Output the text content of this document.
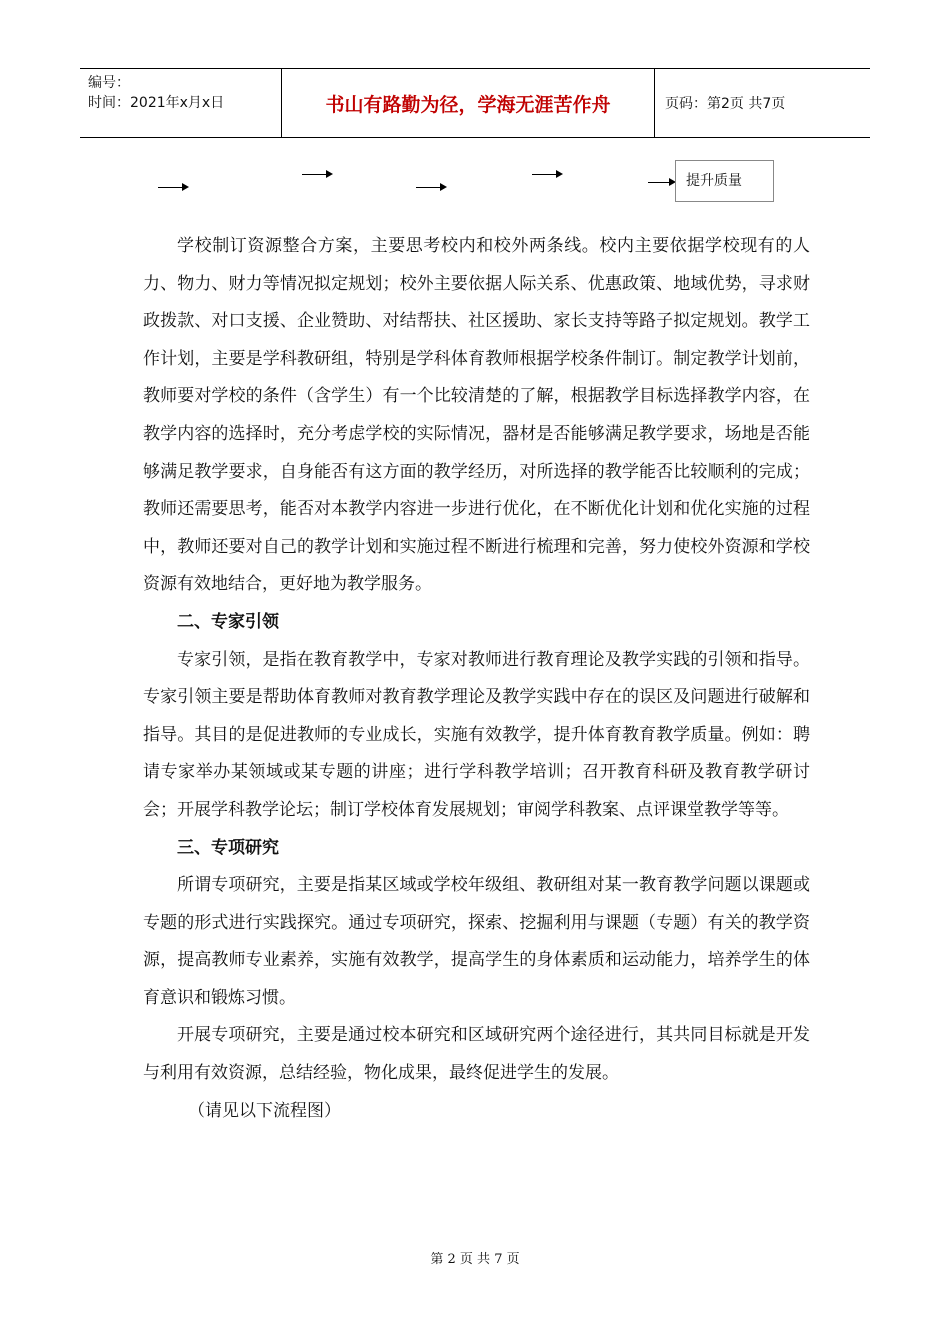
编号：
时间：2021年x月x日	书山有路勤为径，学海无涯苦作舟	页码：第2页 共7页
提升质量

学校制订资源整合方案，主要思考校内和校外两条线。校内主要依据学校现有的人力、物力、财力等情况拟定规划；校外主要依据人际关系、优惠政策、地域优势，寻求财政拨款、对口支援、企业赞助、对结帮扶、社区援助、家长支持等路子拟定规划。教学工作计划，主要是学科教研组，特别是学科体育教师根据学校条件制订。制定教学计划前，教师要对学校的条件（含学生）有一个比较清楚的了解，根据教学目标选择教学内容，在教学内容的选择时，充分考虑学校的实际情况，器材是否能够满足教学要求，场地是否能够满足教学要求，自身能否有这方面的教学经历，对所选择的教学能否比较顺利的完成；教师还需要思考，能否对本教学内容进一步进行优化，在不断优化计划和优化实施的过程中，教师还要对自己的教学计划和实施过程不断进行梳理和完善，努力使校外资源和学校资源有效地结合，更好地为教学服务。

二、专家引领

专家引领，是指在教育教学中，专家对教师进行教育理论及教学实践的引领和指导。专家引领主要是帮助体育教师对教育教学理论及教学实践中存在的误区及问题进行破解和指导。其目的是促进教师的专业成长，实施有效教学，提升体育教育教学质量。例如：聘请专家举办某领域或某专题的讲座；进行学科教学培训；召开教育科研及教育教学研讨会；开展学科教学论坛；制订学校体育发展规划；审阅学科教案、点评课堂教学等等。

三、专项研究

所谓专项研究，主要是指某区域或学校年级组、教研组对某一教育教学问题以课题或专题的形式进行实践探究。通过专项研究，探索、挖掘利用与课题（专题）有关的教学资源，提高教师专业素养，实施有效教学，提高学生的身体素质和运动能力，培养学生的体育意识和锻炼习惯。

开展专项研究，主要是通过校本研究和区域研究两个途径进行，其共同目标就是开发与利用有效资源，总结经验，物化成果，最终促进学生的发展。

（请见以下流程图）

第 2 页 共 7 页
